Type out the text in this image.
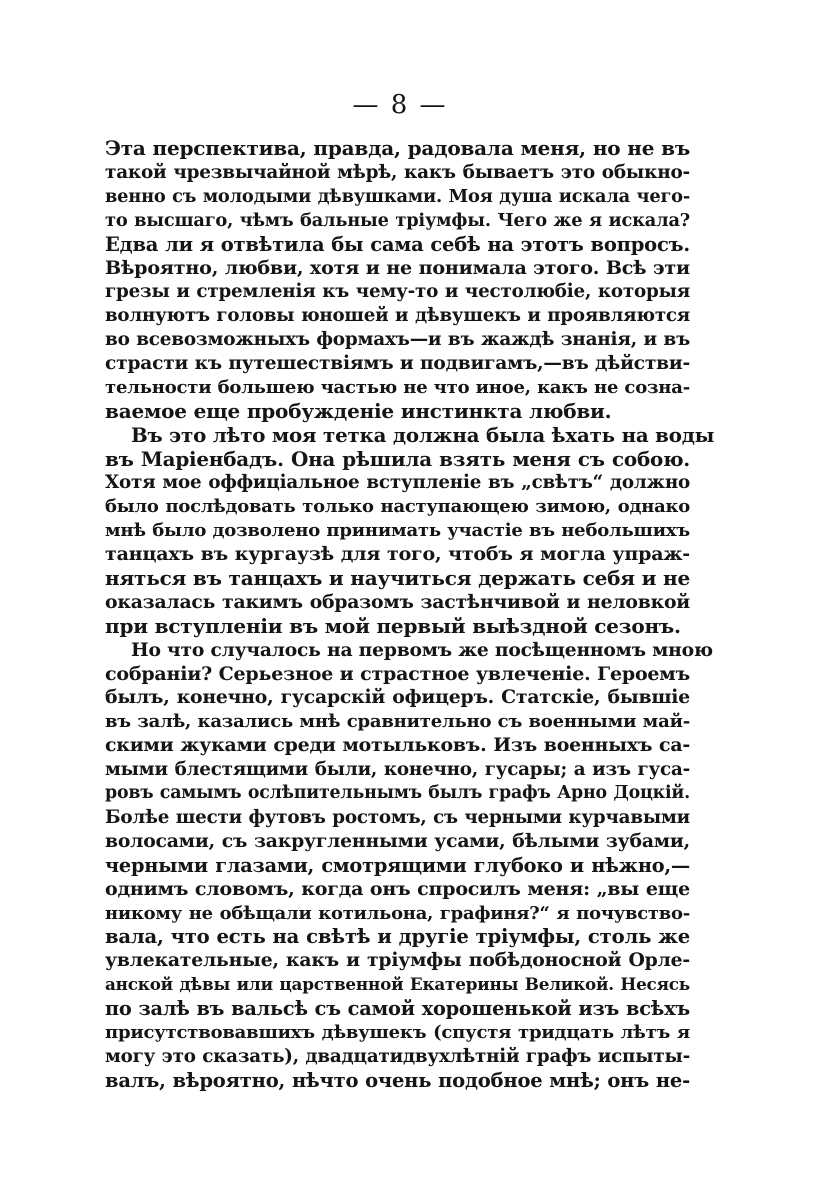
— 8 —
Эта перспектива, правда, радовала меня, но не въ
такой чрезвычайной мѣрѣ, какъ бываетъ это обыкно-
венно съ молодыми дѣвушками. Моя душа искала чего-
то высшаго, чѣмъ бальные тріумфы. Чего же я искала?
Едва ли я отвѣтила бы сама себѣ на этотъ вопросъ.
Вѣроятно, любви, хотя и не понимала этого. Всѣ эти
грезы и стремленія къ чему-то и честолюбіе, которыя
волнуютъ головы юношей и дѣвушекъ и проявляются
во всевозможныхъ формахъ—и въ жаждѣ знанія, и въ
страсти къ путешествіямъ и подвигамъ,—въ дѣйстви-
тельности большею частью не что иное, какъ не созна-
ваемое еще пробужденіе инстинкта любви.
Въ это лѣто моя тетка должна была ѣхать на воды
въ Маріенбадъ. Она рѣшила взять меня съ собою.
Хотя мое оффиціальное вступленіе въ „свѣтъ“ должно
было послѣдовать только наступающею зимою, однако
мнѣ было дозволено принимать участіе въ небольшихъ
танцахъ въ кургаузѣ для того, чтобъ я могла упраж-
няться въ танцахъ и научиться держать себя и не
оказалась такимъ образомъ застѣнчивой и неловкой
при вступленіи въ мой первый выѣздной сезонъ.
Но что случалось на первомъ же посѣщенномъ мною
собраніи? Серьезное и страстное увлеченіе. Героемъ
былъ, конечно, гусарскій офицеръ. Статскіе, бывшіе
въ залѣ, казались мнѣ сравнительно съ военными май-
скими жуками среди мотыльковъ. Изъ военныхъ са-
мыми блестящими были, конечно, гусары; а изъ гуса-
ровъ самымъ ослѣпительнымъ былъ графъ Арно Доцкій.
Болѣе шести футовъ ростомъ, съ черными курчавыми
волосами, съ закругленными усами, бѣлыми зубами,
черными глазами, смотрящими глубоко и нѣжно,—
однимъ словомъ, когда онъ спросилъ меня: „вы еще
никому не обѣщали котильона, графиня?“ я почувство-
вала, что есть на свѣтѣ и другіе тріумфы, столь же
увлекательные, какъ и тріумфы побѣдоносной Орле-
анской дѣвы или царственной Екатерины Великой. Несясь
по залѣ въ вальсѣ съ самой хорошенькой изъ всѣхъ
присутствовавшихъ дѣвушекъ (спустя тридцать лѣтъ я
могу это сказать), двадцатидвухлѣтній графъ испыты-
валъ, вѣроятно, нѣчто очень подобное мнѣ; онъ не-
